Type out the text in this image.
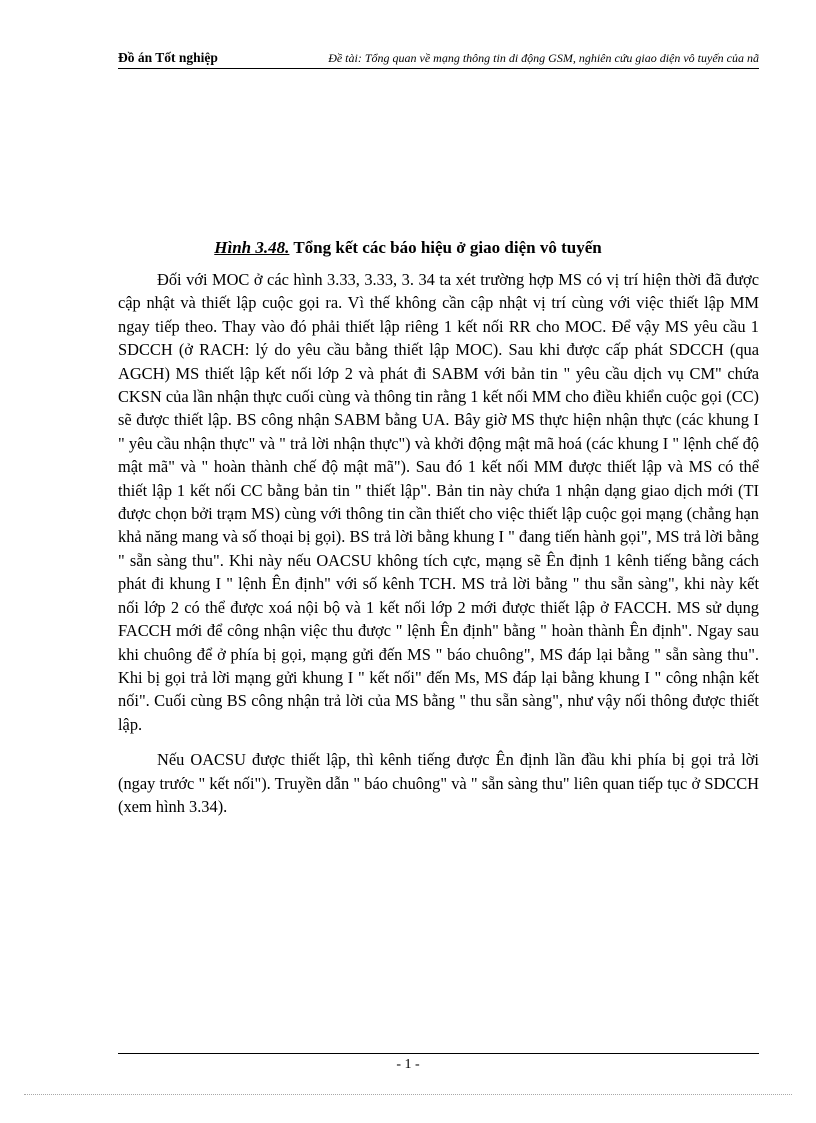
Đồ án Tốt nghiệp	Đề tài: Tổng quan về mạng thông tin di động GSM, nghiên cứu giao diện vô tuyến của nã
Hình 3.48. Tổng kết các báo hiệu ở giao diện vô tuyến

Đối với MOC ở các hình 3.33, 3.33, 3. 34 ta xét trường hợp MS có vị trí hiện thời đã được cập nhật và thiết lập cuộc gọi ra. Vì thế không cần cập nhật vị trí cùng với việc thiết lập MM ngay tiếp theo. Thay vào đó phải thiết lập riêng 1 kết nối RR cho MOC. Để vậy MS yêu cầu 1 SDCCH (ở RACH: lý do yêu cầu bằng thiết lập MOC). Sau khi được cấp phát SDCCH (qua AGCH) MS thiết lập kết nối lớp 2 và phát đi SABM với bản tin " yêu cầu dịch vụ CM" chứa CKSN của lần nhận thực cuối cùng và thông tin rằng 1 kết nối MM cho điều khiển cuộc gọi (CC) sẽ được thiết lập. BS công nhận SABM bằng UA. Bây giờ MS thực hiện nhận thực (các khung I " yêu cầu nhận thực" và " trả lời nhận thực") và khởi động mật mã hoá (các khung I " lệnh chế độ mật mã" và " hoàn thành chế độ mật mã"). Sau đó 1 kết nối MM được thiết lập và MS có thể thiết lập 1 kết nối CC bằng bản tin " thiết lập". Bản tin này chứa 1 nhận dạng giao dịch mới (TI được chọn bởi trạm MS) cùng với thông tin cần thiết cho việc thiết lập cuộc gọi mạng (chẳng hạn khả năng mang và số thoại bị gọi). BS trả lời bằng khung I " đang tiến hành gọi", MS trả lời bằng " sẵn sàng thu". Khi này nếu OACSU không tích cực, mạng sẽ Ên định 1 kênh tiếng bằng cách phát đi khung I " lệnh Ên định" với số kênh TCH. MS trả lời bằng " thu sẵn sàng", khi này kết nối lớp 2 có thể được xoá nội bộ và 1 kết nối lớp 2 mới được thiết lập ở FACCH. MS sử dụng FACCH mới để công nhận việc thu được " lệnh Ên định" bằng " hoàn thành Ên định". Ngay sau khi chuông để ở phía bị gọi, mạng gửi đến MS " báo chuông", MS đáp lại bằng " sẵn sàng thu". Khi bị gọi trả lời mạng gửi khung I " kết nối" đến Ms, MS đáp lại bằng khung I " công nhận kết nối". Cuối cùng BS công nhận trả lời của MS bằng " thu sẵn sàng", như vậy nối thông được thiết lập.

Nếu OACSU được thiết lập, thì kênh tiếng được Ên định lần đầu khi phía bị gọi trả lời (ngay trước " kết nối"). Truyền dẫn " báo chuông" và " sẵn sàng thu" liên quan tiếp tục ở SDCCH (xem hình 3.34).

- 1 -
